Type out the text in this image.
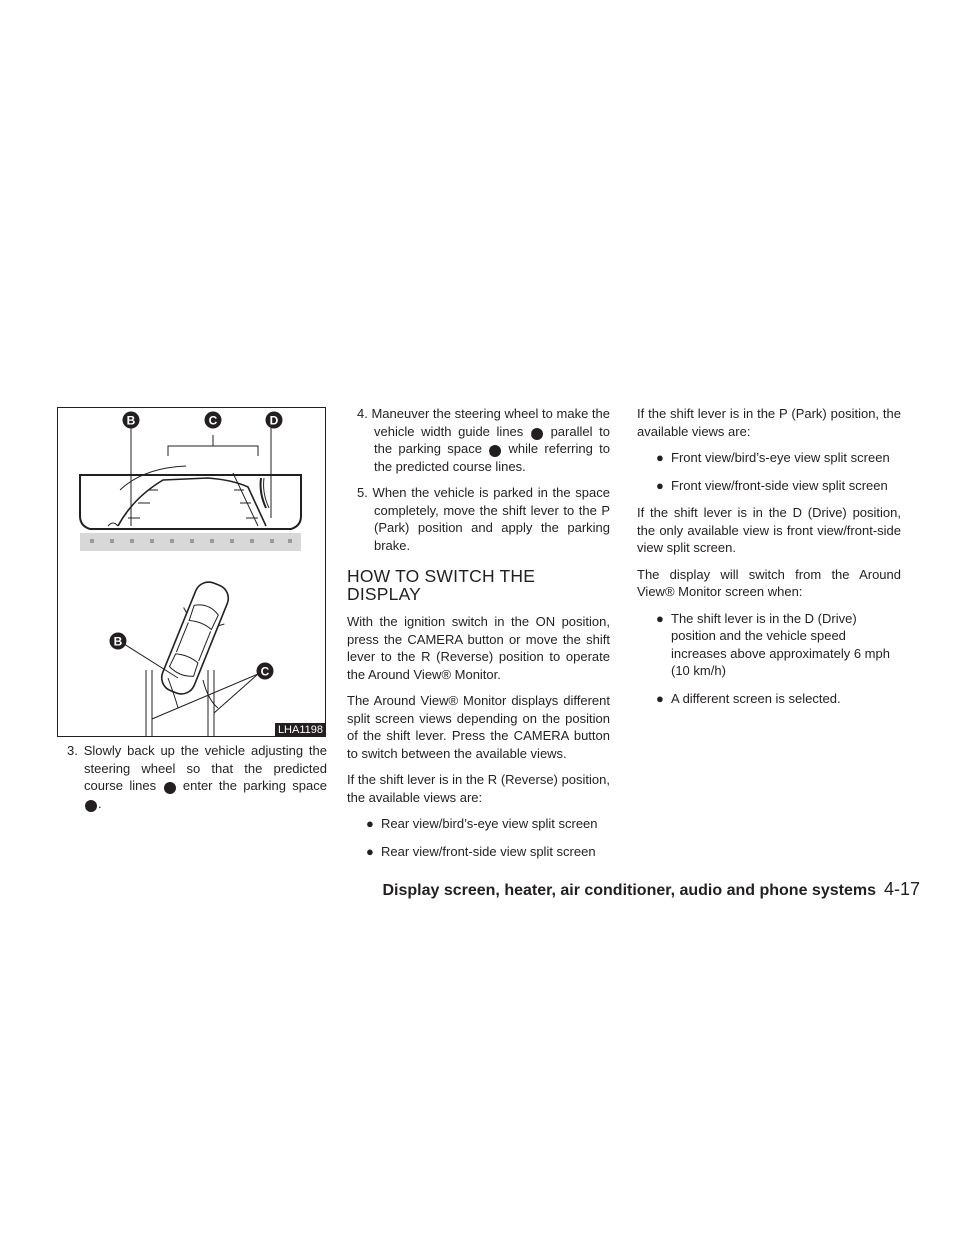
B	C	D
B
C
LHA1198
3. Slowly back up the vehicle adjusting the steering wheel so that the predicted course lines B enter the parking space C .
4. Maneuver the steering wheel to make the vehicle width guide lines D parallel to the parking space C while referring to the predicted course lines.
5. When the vehicle is parked in the space completely, move the shift lever to the P (Park) position and apply the parking brake.
HOW TO SWITCH THE DISPLAY

With the ignition switch in the ON position, press the CAMERA button or move the shift lever to the R (Reverse) position to operate the Around View® Monitor.

The Around View® Monitor displays different split screen views depending on the position of the shift lever. Press the CAMERA button to switch between the available views.

If the shift lever is in the R (Reverse) position, the available views are:

● Rear view/bird’s-eye view split screen
● Rear view/front-side view split screen

If the shift lever is in the P (Park) position, the available views are:

● Front view/bird’s-eye view split screen
● Front view/front-side view split screen

If the shift lever is in the D (Drive) position, the only available view is front view/front-side view split screen.

The display will switch from the Around View® Monitor screen when:

● The shift lever is in the D (Drive) position and the vehicle speed increases above approximately 6 mph (10 km/h)
● A different screen is selected.
Display screen, heater, air conditioner, audio and phone systems 4-17
